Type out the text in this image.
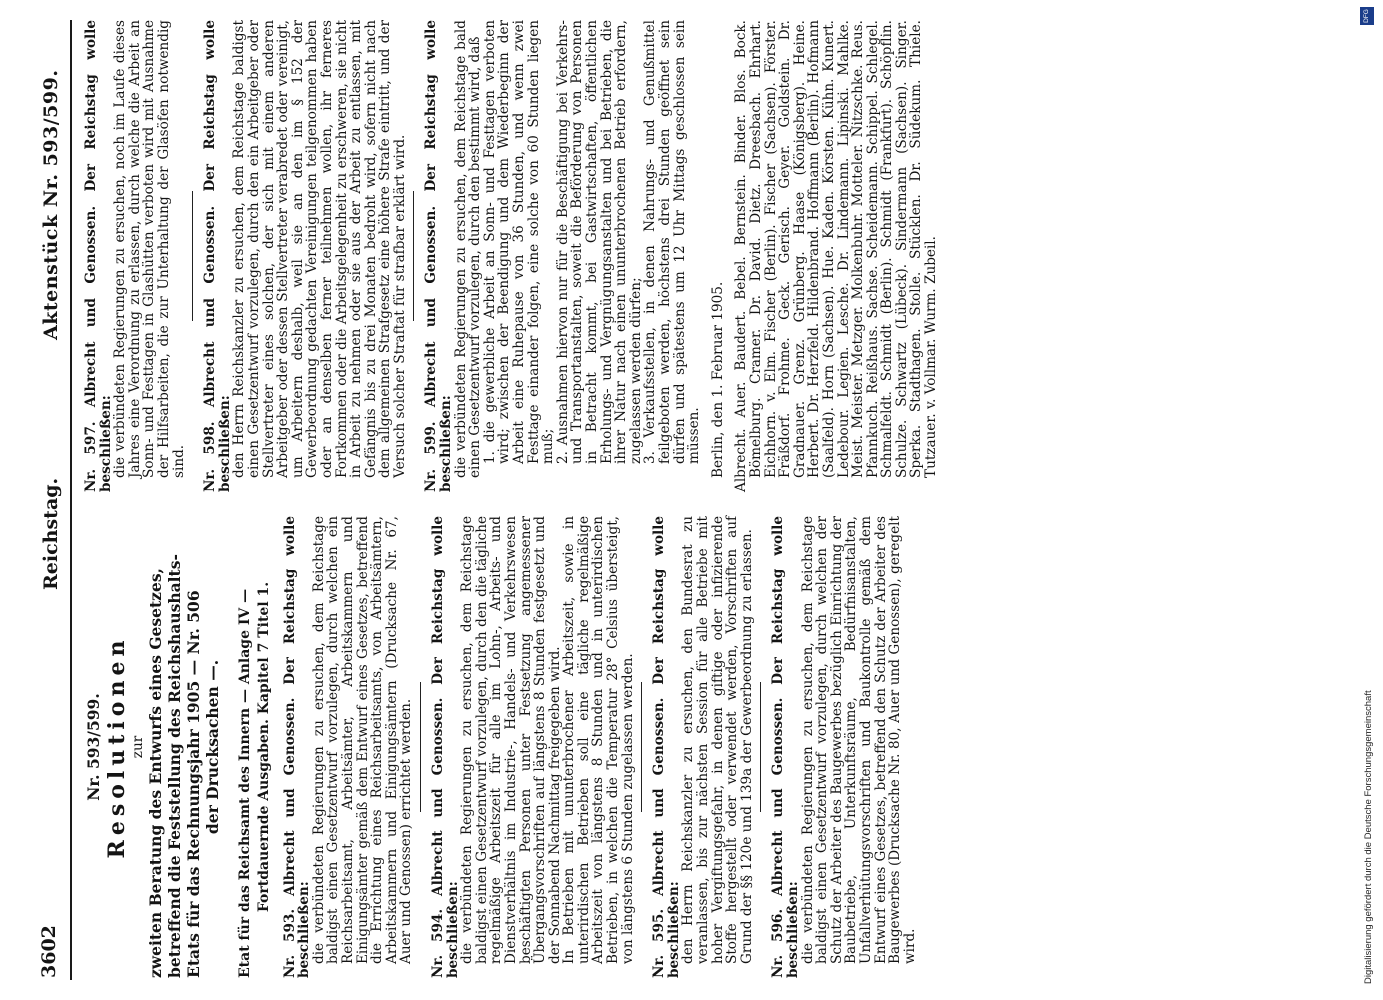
3602
Reichstag.
Aktenstück Nr. 593/599.

Nr. 593/599. Resolutionen zur zweiten Beratung des Entwurfs eines Gesetzes, betreffend die Feststellung des Reichshaushalts- Etats für das Rechnungsjahr 1905 — Nr. 506 der Drucksachen —. Etat für das Reichsamt des Innern — Anlage IV — Fortdauernde Ausgaben. Kapitel 7 Titel 1. Nr. 593. Albrecht und Genossen. Der Reichstag wolle beschließen:

die verbündeten Regierungen zu ersuchen, dem Reichstage baldigst einen Gesetzentwurf vorzulegen, durch welchen ein Reichsarbeitsamt, Arbeitsämter, Arbeitskammern und Einigungsämter gemäß dem Entwurf eines Gesetzes, betreffend die Errichtung eines Reichsarbeitsamts, von Arbeitsämtern, Arbeitskammern und Einigungsämtern (Drucksache Nr. 67, Auer und Genossen) errichtet werden. Nr. 594. Albrecht und Genossen. Der Reichstag wolle beschließen:

die verbündeten Regierungen zu ersuchen, dem Reichstage baldigst einen Gesetzentwurf vorzulegen, durch den die tägliche regelmäßige Arbeitszeit für alle im Lohn-, Arbeits- und Dienstverhältnis im Industrie-, Handels- und Verkehrswesen beschäftigten Personen unter Festsetzung angemessener Übergangsvorschriften auf längstens 8 Stunden festgesetzt und der Sonnabend Nachmittag freigegeben wird.

In Betrieben mit ununterbrochener Arbeitszeit, sowie in unterirdischen Betrieben soll eine tägliche regelmäßige Arbeitszeit von längstens 8 Stunden und in unterirdischen Betrieben, in welchen die Temperatur 28° Celsius übersteigt, von längstens 6 Stunden zugelassen werden. Nr. 595. Albrecht und Genossen. Der Reichstag wolle beschließen:

den Herrn Reichskanzler zu ersuchen, den Bundesrat zu veranlassen, bis zur nächsten Session für alle Betriebe mit hoher Vergiftungsgefahr, in denen giftige oder infizierende Stoffe hergestellt oder verwendet werden, Vorschriften auf Grund der §§ 120e und 139a der Gewerbeordnung zu erlassen. Nr. 596. Albrecht und Genossen. Der Reichstag wolle beschließen:

die verbündeten Regierungen zu ersuchen, dem Reichstage baldigst einen Gesetzentwurf vorzulegen, durch welchen der Schutz der Arbeiter des Baugewerbes bezüglich Einrichtung der Baubetriebe, Unterkunftsräume, Bedürfnisanstalten, Unfallverhütungsvorschriften und Baukontrolle gemäß dem Entwurf eines Gesetzes, betreffend den Schutz der Arbeiter des Baugewerbes (Drucksache Nr. 80, Auer und Genossen), geregelt wird.

Nr. 597. Albrecht und Genossen. Der Reichstag wolle beschließen:

die verbündeten Regierungen zu ersuchen, noch im Laufe dieses Jahres eine Verordnung zu erlassen, durch welche die Arbeit an Sonn- und Festtagen in Glashütten verboten wird mit Ausnahme der Hilfsarbeiten, die zur Unterhaltung der Glasöfen notwendig sind. Nr. 598. Albrecht und Genossen. Der Reichstag wolle beschließen:

den Herrn Reichskanzler zu ersuchen, dem Reichstage baldigst einen Gesetzentwurf vorzulegen, durch den ein Arbeitgeber oder Stellvertreter eines solchen, der sich mit einem anderen Arbeitgeber oder dessen Stellvertreter verabredet oder vereinigt, um Arbeitern deshalb, weil sie an den im § 152 der Gewerbeordnung gedachten Vereinigungen teilgenommen haben oder an denselben ferner teilnehmen wollen, ihr ferneres Fortkommen oder die Arbeitsgelegenheit zu erschweren, sie nicht in Arbeit zu nehmen oder sie aus der Arbeit zu entlassen, mit Gefängnis bis zu drei Monaten bedroht wird, sofern nicht nach dem allgemeinen Strafgesetz eine höhere Strafe eintritt, und der Versuch solcher Straftat für strafbar erklärt wird. Nr. 599. Albrecht und Genossen. Der Reichstag wolle beschließen:

die verbündeten Regierungen zu ersuchen, dem Reichstage bald einen Gesetzentwurf vorzulegen, durch den bestimmt wird, daß

1. die gewerbliche Arbeit an Sonn- und Festtagen verboten wird; zwischen der Beendigung und dem Wiederbeginn der Arbeit eine Ruhepause von 36 Stunden, und wenn zwei Festtage einander folgen, eine solche von 60 Stunden liegen muß;

2. Ausnahmen hiervon nur für die Beschäftigung bei Verkehrs- und Transportanstalten, soweit die Beförderung von Personen in Betracht kommt, bei Gastwirtschaften, öffentlichen Erholungs- und Vergnügungsanstalten und bei Betrieben, die ihrer Natur nach einen ununterbrochenen Betrieb erfordern, zugelassen werden dürfen;

3. Verkaufsstellen, in denen Nahrungs- und Genußmittel feilgeboten werden, höchstens drei Stunden geöffnet sein dürfen und spätestens um 12 Uhr Mittags geschlossen sein müssen. Berlin, den 1. Februar 1905. Albrecht. Auer. Baudert. Bebel. Bernstein. Binder. Blos. Bock. Bömelburg. Cramer. Dr. David. Dietz. Dreesbach. Ehrhart. Eichhorn. v. Elm. Fischer (Berlin). Fischer (Sachsen). Förster. Fräßdorf. Frohme. Geck. Gerisch. Geyer. Goldstein. Dr. Gradnauer. Grenz. Grünberg. Haase (Königsberg). Heine. Herbert. Dr. Herzfeld. Hildenbrand. Hoffmann (Berlin). Hofmann (Saalfeld). Horn (Sachsen). Hue. Kaden. Körsten. Kühn. Kunert. Ledebour. Legien. Lesche. Dr. Lindemann. Lipinski. Mahlke. Meist. Meister. Metzger. Molkenbuhr. Motteler. Nitzschke. Reus. Pfannkuch. Reißhaus. Sachse. Scheidemann. Schippel. Schlegel. Schmalfeldt. Schmidt (Berlin). Schmidt (Frankfurt). Schöpflin. Schulze. Schwartz (Lübeck). Sindermann (Sachsen). Singer. Sperka. Stadthagen. Stolle. Stücklen. Dr. Südekum. Thiele. Tutzauer. v. Vollmar. Wurm. Zubeil.

Digitalisierung gefördert durch die Deutsche Forschungsgemeinschaft
DFG
